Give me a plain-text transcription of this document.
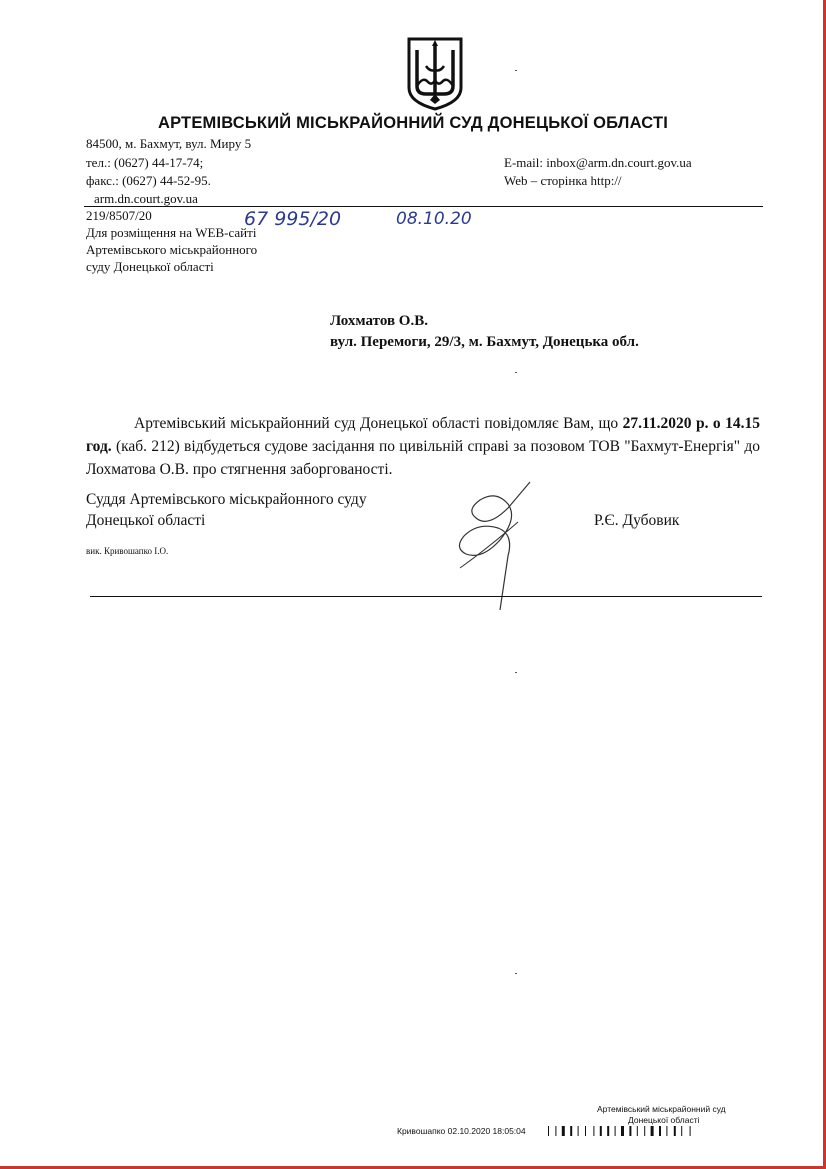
АРТЕМІВСЬКИЙ МІСЬКРАЙОННИЙ СУД ДОНЕЦЬКОЇ ОБЛАСТІ
84500, м. Бахмут, вул. Миру 5
тел.: (0627) 44-17-74;
факс.: (0627) 44-52-95.
arm.dn.court.gov.ua
E-mail: inbox@arm.dn.court.gov.ua
Web – сторінка http://
219/8507/20	67 995/20	08.10.20
Для розміщення на WEB-сайті
Артемівського міськрайонного
суду Донецької області
Лохматов О.В.
вул. Перемоги, 29/3, м. Бахмут, Донецька обл.
Артемівський міськрайонний суд Донецької області повідомляє Вам, що 27.11.2020 р. о 14.15 год. (каб. 212) відбудеться судове засідання по цивільній справі за позовом ТОВ "Бахмут-Енергія" до Лохматова О.В. про стягнення заборгованості.
Суддя Артемівського міськрайонного суду
Донецької області	Р.Є. Дубовик
вик. Кривошапко І.О.
Артемівський міськрайонний суд
Донецької області
Кривошапко 02.10.2020 18:05:04
